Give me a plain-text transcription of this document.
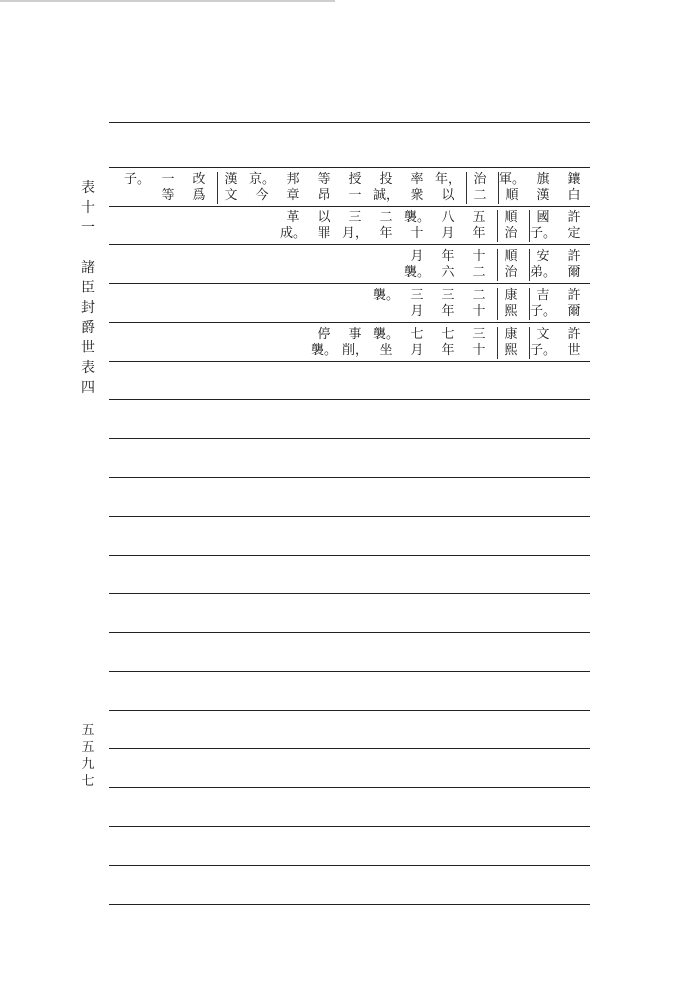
表
十
一

諸
臣
封
爵
世
表
四
五
五
九
七
鑲
白
旗
漢
軍。
順
治
二
年，
以
率
衆
投
誠，
授
一
等
昂
邦
章
京。
今
漢
文
改
爲
一
等
子。
許
定
國
子。
順
治
五
年
八
月
襲。
十
二
年
三
月，
以
罪
革
成。
許
爾
安
弟。
順
治
十
二
年
六
月
襲。
許
爾
吉
子。
康
熙
二
十
三
年
三
月
襲。
許
世
文
子。
康
熙
三
十
七
年
七
月
襲。
坐
事
削，
停
襲。
